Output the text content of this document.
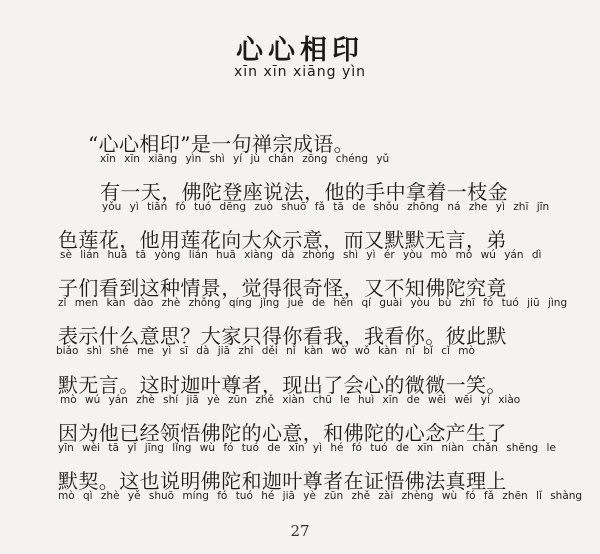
心心相印
xīn xīn xiāng yìn
“心心相印”是一句禅宗成语。
xīn xīn xiāng yìn shì yí jù chán zōng chéng yǔ
有一天，佛陀登座说法，他的手中拿着一枝金
yǒu yì tiān fó tuó dēng zuò shuō fǎ tā de shǒu zhōng ná zhe yì zhī jīn
色莲花，他用莲花向大众示意，而又默默无言，弟
sè lián huā tā yòng lián huā xiàng dà zhòng shì yì ér yòu mò mò wú yán dì
子们看到这种情景，觉得很奇怪，又不知佛陀究竟
zǐ men kàn dào zhè zhǒng qíng jǐng jué de hěn qí guài yòu bù zhī fó tuó jiū jìng
表示什么意思？大家只得你看我，我看你。彼此默
biǎo shì shé me yì sī dà jiā zhǐ děi nǐ kàn wǒ wǒ kàn nǐ bǐ cǐ mò
默无言。这时迦叶尊者，现出了会心的微微一笑。
mò wú yán zhè shí jiā yè zūn zhě xiàn chū le huì xīn de wēi wēi yí xiào
因为他已经领悟佛陀的心意，和佛陀的心念产生了
yīn wèi tā yǐ jīng lǐng wù fó tuó de xīn yì hé fó tuó de xīn niàn chǎn shēng le
默契。这也说明佛陀和迦叶尊者在证悟佛法真理上
mò qì zhè yě shuō míng fó tuó hé jiā yè zūn zhě zài zhèng wù fó fǎ zhēn lǐ shàng
27
